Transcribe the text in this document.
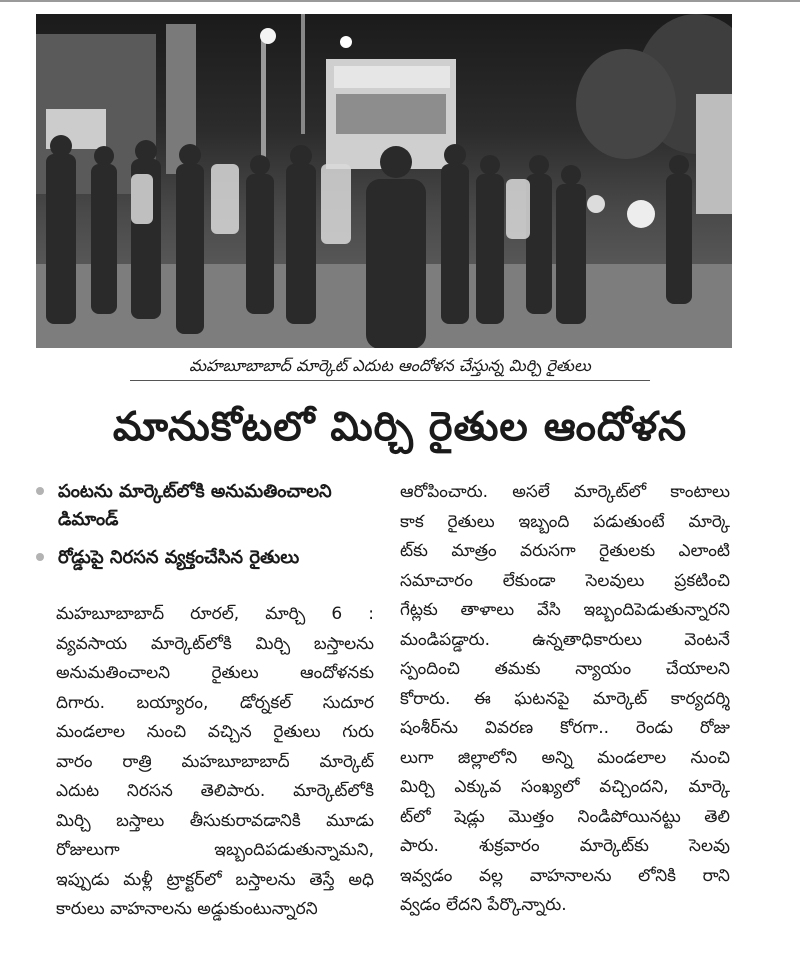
మహబూబాబాద్ మార్కెట్ ఎదుట ఆందోళన చేస్తున్న మిర్చి రైతులు
మానుకోటలో మిర్చి రైతుల ఆందోళన
పంటను మార్కెట్‌లోకి అనుమతించాలని డిమాండ్
రోడ్డుపై నిరసన వ్యక్తంచేసిన రైతులు
మహబూబాబాద్ రూరల్, మార్చి 6 :
వ్యవసాయ మార్కెట్‌లోకి మిర్చి బస్తాలను
అనుమతించాలని రైతులు ఆందోళనకు
దిగారు. బయ్యారం, డోర్నకల్ సుదూర
మండలాల నుంచి వచ్చిన రైతులు గురు
వారం రాత్రి మహబూబాబాద్ మార్కెట్
ఎదుట నిరసన తెలిపారు. మార్కెట్‌లోకి
మిర్చి బస్తాలు తీసుకురావడానికి మూడు
రోజులుగా ఇబ్బందిపడుతున్నామని,
ఇప్పుడు మళ్లీ ట్రాక్టర్‌లో బస్తాలను తెస్తే అధి
కారులు వాహనాలను అడ్డుకుంటున్నారని
ఆరోపించారు. అసలే మార్కెట్‌లో కాంటాలు
కాక రైతులు ఇబ్బంది పడుతుంటే మార్కె
ట్‌కు మాత్రం వరుసగా రైతులకు ఎలాంటి
సమాచారం లేకుండా సెలవులు ప్రకటించి
గేట్లకు తాళాలు వేసి ఇబ్బందిపెడుతున్నారని
మండిపడ్డారు. ఉన్నతాధికారులు వెంటనే
స్పందించి తమకు న్యాయం చేయాలని
కోరారు. ఈ ఘటనపై మార్కెట్ కార్యదర్శి
షంశీర్‌ను వివరణ కోరగా.. రెండు రోజు
లుగా జిల్లాలోని అన్ని మండలాల నుంచి
మిర్చి ఎక్కువ సంఖ్యలో వచ్చిందని, మార్కె
ట్‌లో షెడ్లు మొత్తం నిండిపోయినట్టు తెలి
పారు. శుక్రవారం మార్కెట్‌కు సెలవు
ఇవ్వడం వల్ల వాహనాలను లోనికి రాని
వ్వడం లేదని పేర్కొన్నారు.
